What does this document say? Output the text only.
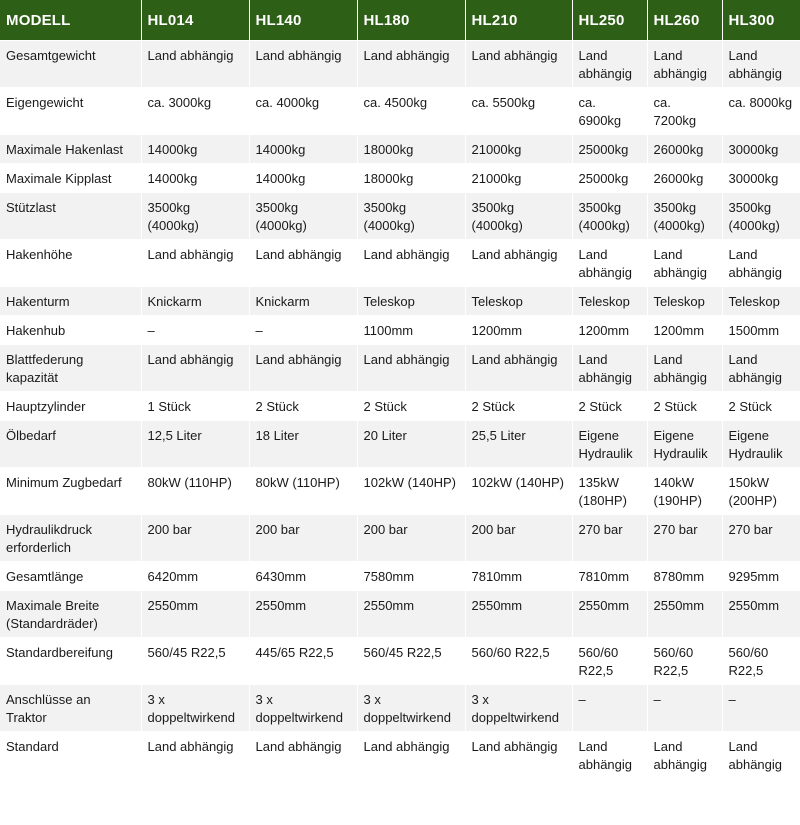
MODELL	HL014	HL140	HL180	HL210	HL250	HL260	HL300
Gesamtgewicht	Land abhängig	Land abhängig	Land abhängig	Land abhängig	Land abhängig	Land abhängig	Land abhängig
Eigengewicht	ca. 3000kg	ca. 4000kg	ca. 4500kg	ca. 5500kg	ca. 6900kg	ca. 7200kg	ca. 8000kg
Maximale Hakenlast	14000kg	14000kg	18000kg	21000kg	25000kg	26000kg	30000kg
Maximale Kipplast	14000kg	14000kg	18000kg	21000kg	25000kg	26000kg	30000kg
Stützlast	3500kg (4000kg)	3500kg (4000kg)	3500kg (4000kg)	3500kg (4000kg)	3500kg (4000kg)	3500kg (4000kg)	3500kg (4000kg)
Hakenhöhe	Land abhängig	Land abhängig	Land abhängig	Land abhängig	Land abhängig	Land abhängig	Land abhängig
Hakenturm	Knickarm	Knickarm	Teleskop	Teleskop	Teleskop	Teleskop	Teleskop
Hakenhub	–	–	1100mm	1200mm	1200mm	1200mm	1500mm
Blattfederung kapazität	Land abhängig	Land abhängig	Land abhängig	Land abhängig	Land abhängig	Land abhängig	Land abhängig
Hauptzylinder	1 Stück	2 Stück	2 Stück	2 Stück	2 Stück	2 Stück	2 Stück
Ölbedarf	12,5 Liter	18 Liter	20 Liter	25,5 Liter	Eigene Hydraulik	Eigene Hydraulik	Eigene Hydraulik
Minimum Zugbedarf	80kW (110HP)	80kW (110HP)	102kW (140HP)	102kW (140HP)	135kW (180HP)	140kW (190HP)	150kW (200HP)
Hydraulikdruck erforderlich	200 bar	200 bar	200 bar	200 bar	270 bar	270 bar	270 bar
Gesamtlänge	6420mm	6430mm	7580mm	7810mm	7810mm	8780mm	9295mm
Maximale Breite (Standardräder)	2550mm	2550mm	2550mm	2550mm	2550mm	2550mm	2550mm
Standardbereifung	560/45 R22,5	445/65 R22,5	560/45 R22,5	560/60 R22,5	560/60 R22,5	560/60 R22,5	560/60 R22,5
Anschlüsse an Traktor	3 x doppeltwirkend	3 x doppeltwirkend	3 x doppeltwirkend	3 x doppeltwirkend	–	–	–
Standard	Land abhängig	Land abhängig	Land abhängig	Land abhängig	Land abhängig	Land abhängig	Land abhängig
